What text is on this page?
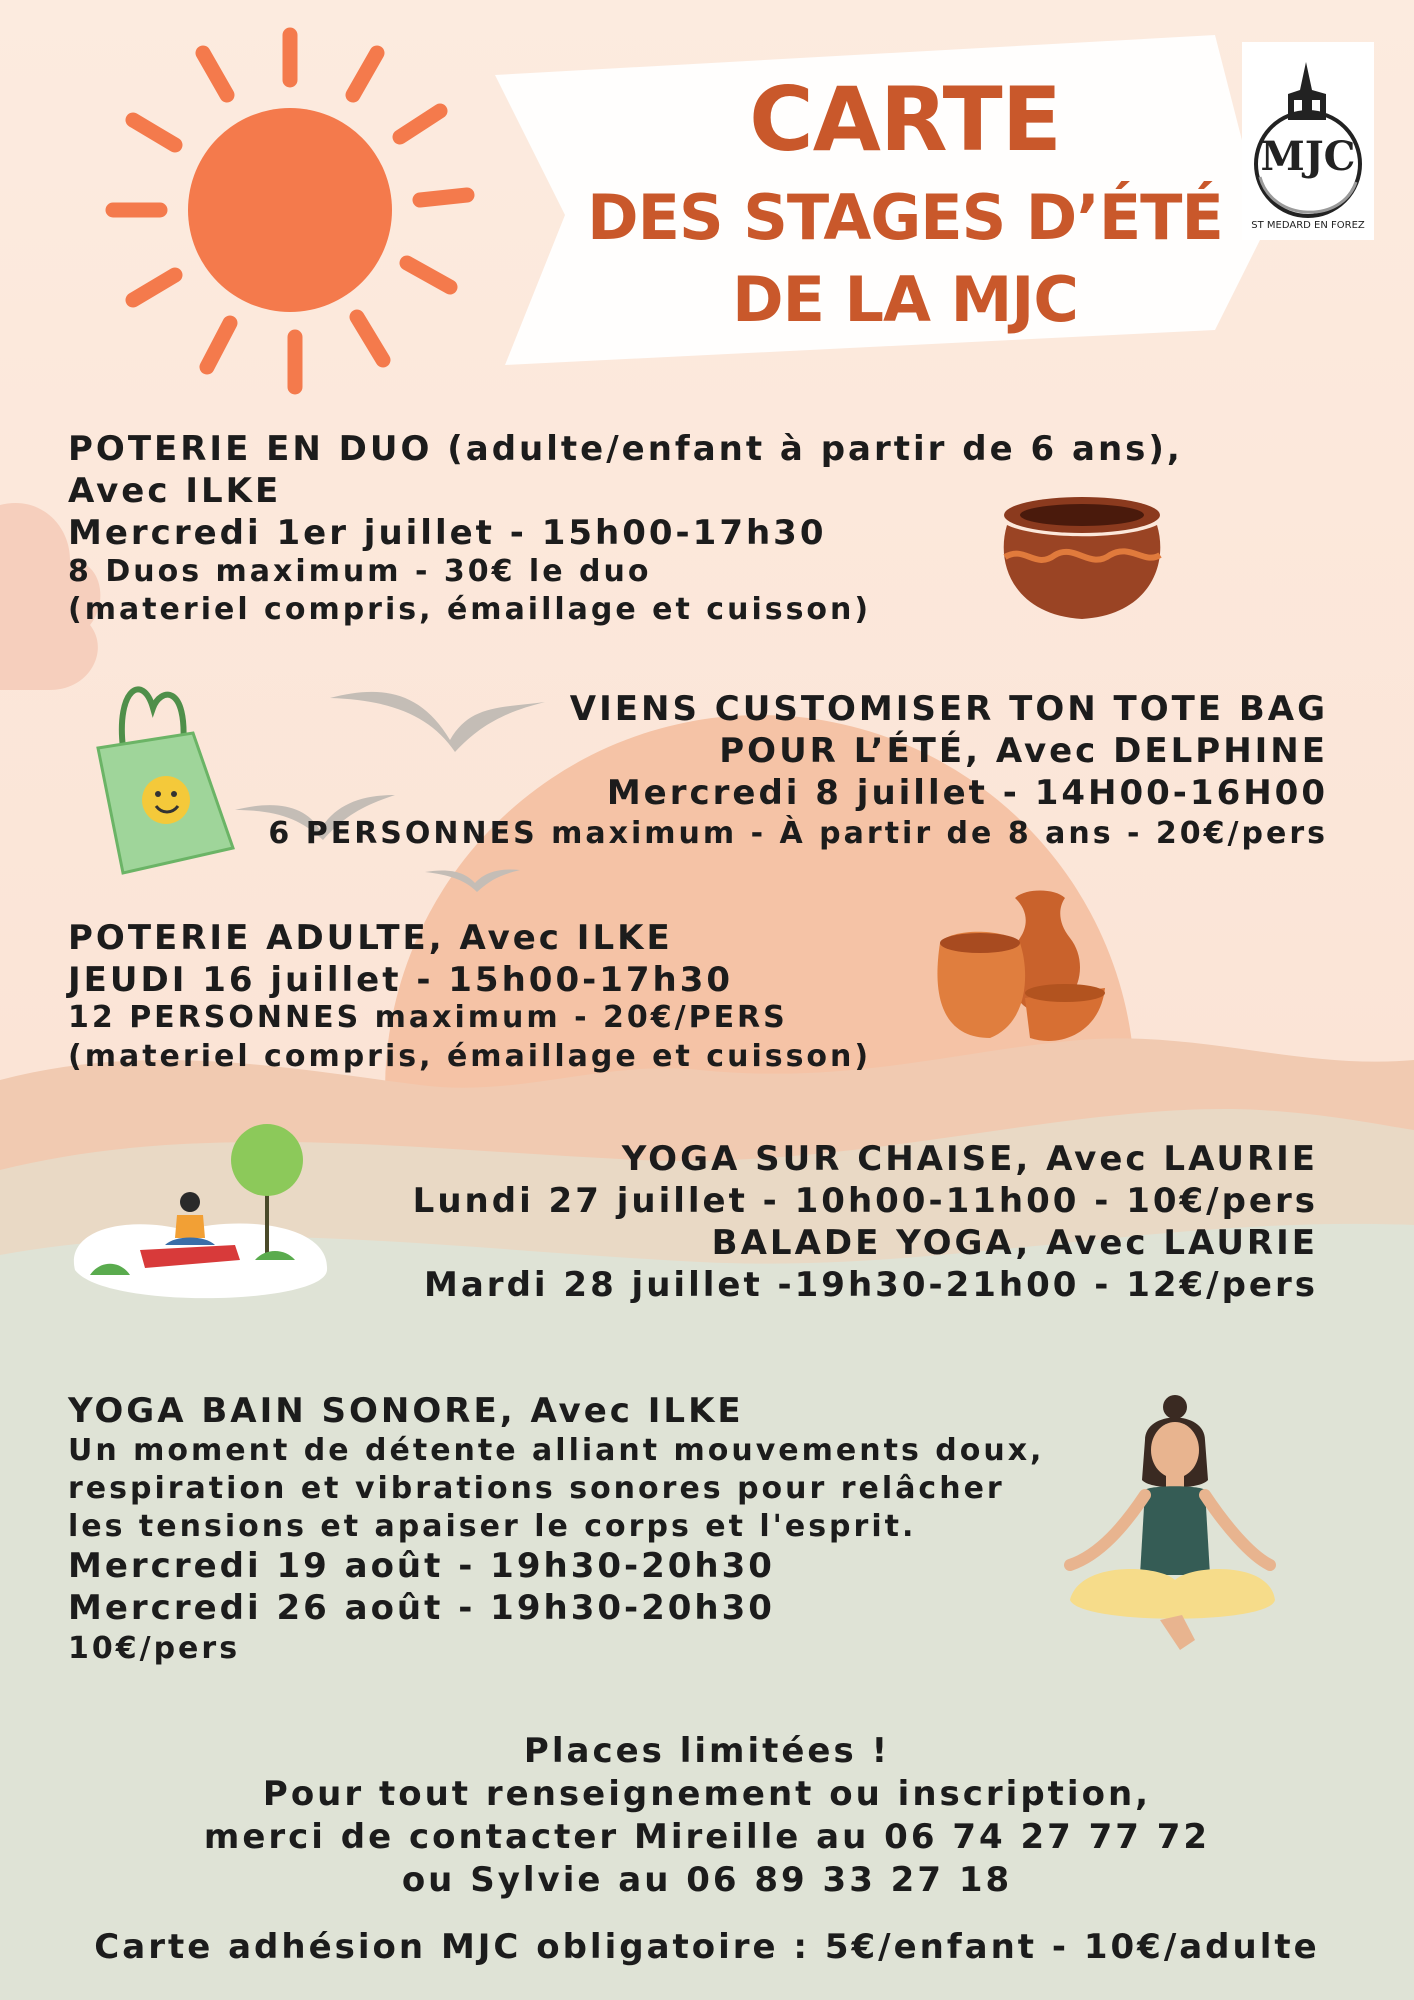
CARTE
DES STAGES D’ÉTÉ
DE LA MJC
MJC
ST MEDARD EN FOREZ

POTERIE EN DUO (adulte/enfant à partir de 6 ans),

Avec ILKE

Mercredi 1er juillet - 15h00-17h30

8 Duos maximum - 30€ le duo

(materiel compris, émaillage et cuisson)

VIENS CUSTOMISER TON TOTE BAG

POUR L’ÉTÉ, Avec DELPHINE

Mercredi 8 juillet - 14H00-16H00

6 PERSONNES maximum - À partir de 8 ans - 20€/pers

POTERIE ADULTE, Avec ILKE

JEUDI 16 juillet - 15h00-17h30

12 PERSONNES maximum - 20€/PERS

(materiel compris, émaillage et cuisson)

YOGA SUR CHAISE, Avec LAURIE

Lundi 27 juillet - 10h00-11h00 - 10€/pers

BALADE YOGA, Avec LAURIE

Mardi 28 juillet -19h30-21h00 - 12€/pers

YOGA BAIN SONORE, Avec ILKE

Un moment de détente alliant mouvements doux,

respiration et vibrations sonores pour relâcher

les tensions et apaiser le corps et l'esprit.

Mercredi 19 août - 19h30-20h30

Mercredi 26 août - 19h30-20h30

10€/pers

Places limitées !

Pour tout renseignement ou inscription,

merci de contacter Mireille au 06 74 27 77 72

ou Sylvie au 06 89 33 27 18

Carte adhésion MJC obligatoire : 5€/enfant - 10€/adulte
